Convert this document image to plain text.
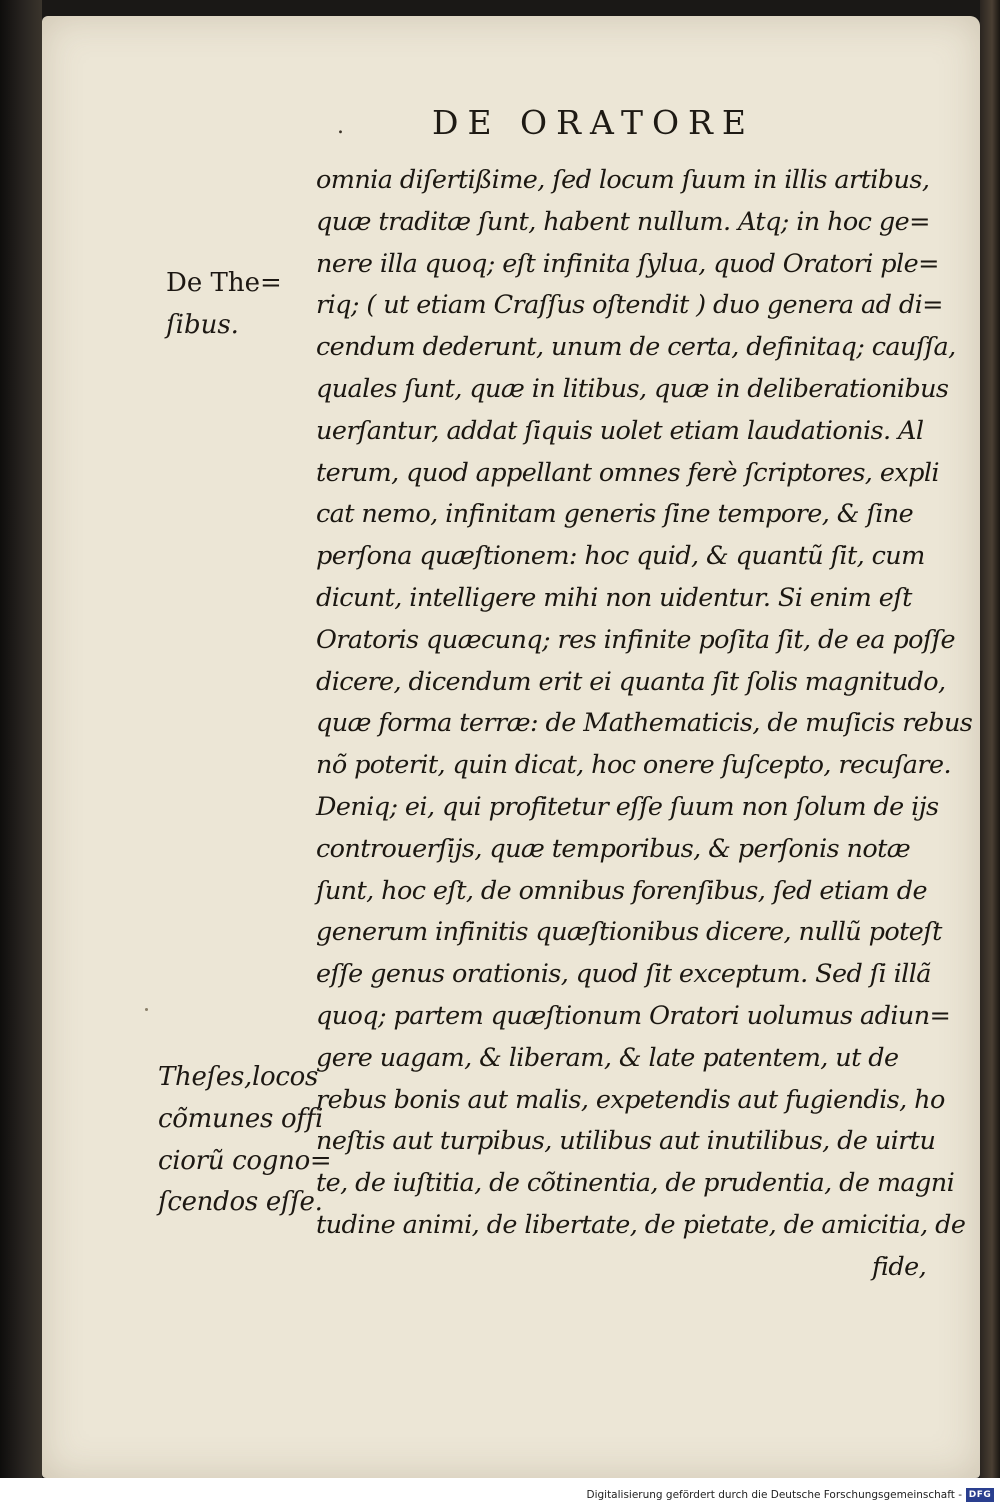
.	DE ORATORE
De The=
ſibus.
Theſes,locos
cõmunes offi
ciorũ cogno=
ſcendos eſſe.
omnia diſertißime, ſed locum ſuum in illis artibus,
quæ traditæ ſunt, habent nullum. Atq; in hoc ge=
nere illa quoq; eſt infinita ſylua, quod Oratori ple=
riq; ( ut etiam Craſſus oſtendit ) duo genera ad di=
cendum dederunt, unum de certa, definitaq; cauſſa,
quales ſunt, quæ in litibus, quæ in deliberationibus
uerſantur, addat ſiquis uolet etiam laudationis. Al
terum, quod appellant omnes ferè ſcriptores, expli
cat nemo, infinitam generis ſine tempore, & ſine
perſona quæſtionem: hoc quid, & quantũ ſit, cum
dicunt, intelligere mihi non uidentur. Si enim eſt
Oratoris quæcunq; res infinite poſita ſit, de ea poſſe
dicere, dicendum erit ei quanta ſit ſolis magnitudo,
quæ forma terræ: de Mathematicis, de muſicis rebus
nõ poterit, quin dicat, hoc onere ſuſcepto, recuſare.
Deniq; ei, qui profitetur eſſe ſuum non ſolum de ijs
controuerſijs, quæ temporibus, & perſonis notæ
ſunt, hoc eſt, de omnibus forenſibus, ſed etiam de
generum infinitis quæſtionibus dicere, nullũ poteſt
eſſe genus orationis, quod ſit exceptum. Sed ſi illã
quoq; partem quæſtionum Oratori uolumus adiun=
gere uagam, & liberam, & late patentem, ut de
rebus bonis aut malis, expetendis aut fugiendis, ho
neſtis aut turpibus, utilibus aut inutilibus, de uirtu
te, de iuſtitia, de cõtinentia, de prudentia, de magni
tudine animi, de libertate, de pietate, de amicitia, de
fide,
Digitalisierung gefördert durch die Deutsche Forschungsgemeinschaft - DFG
